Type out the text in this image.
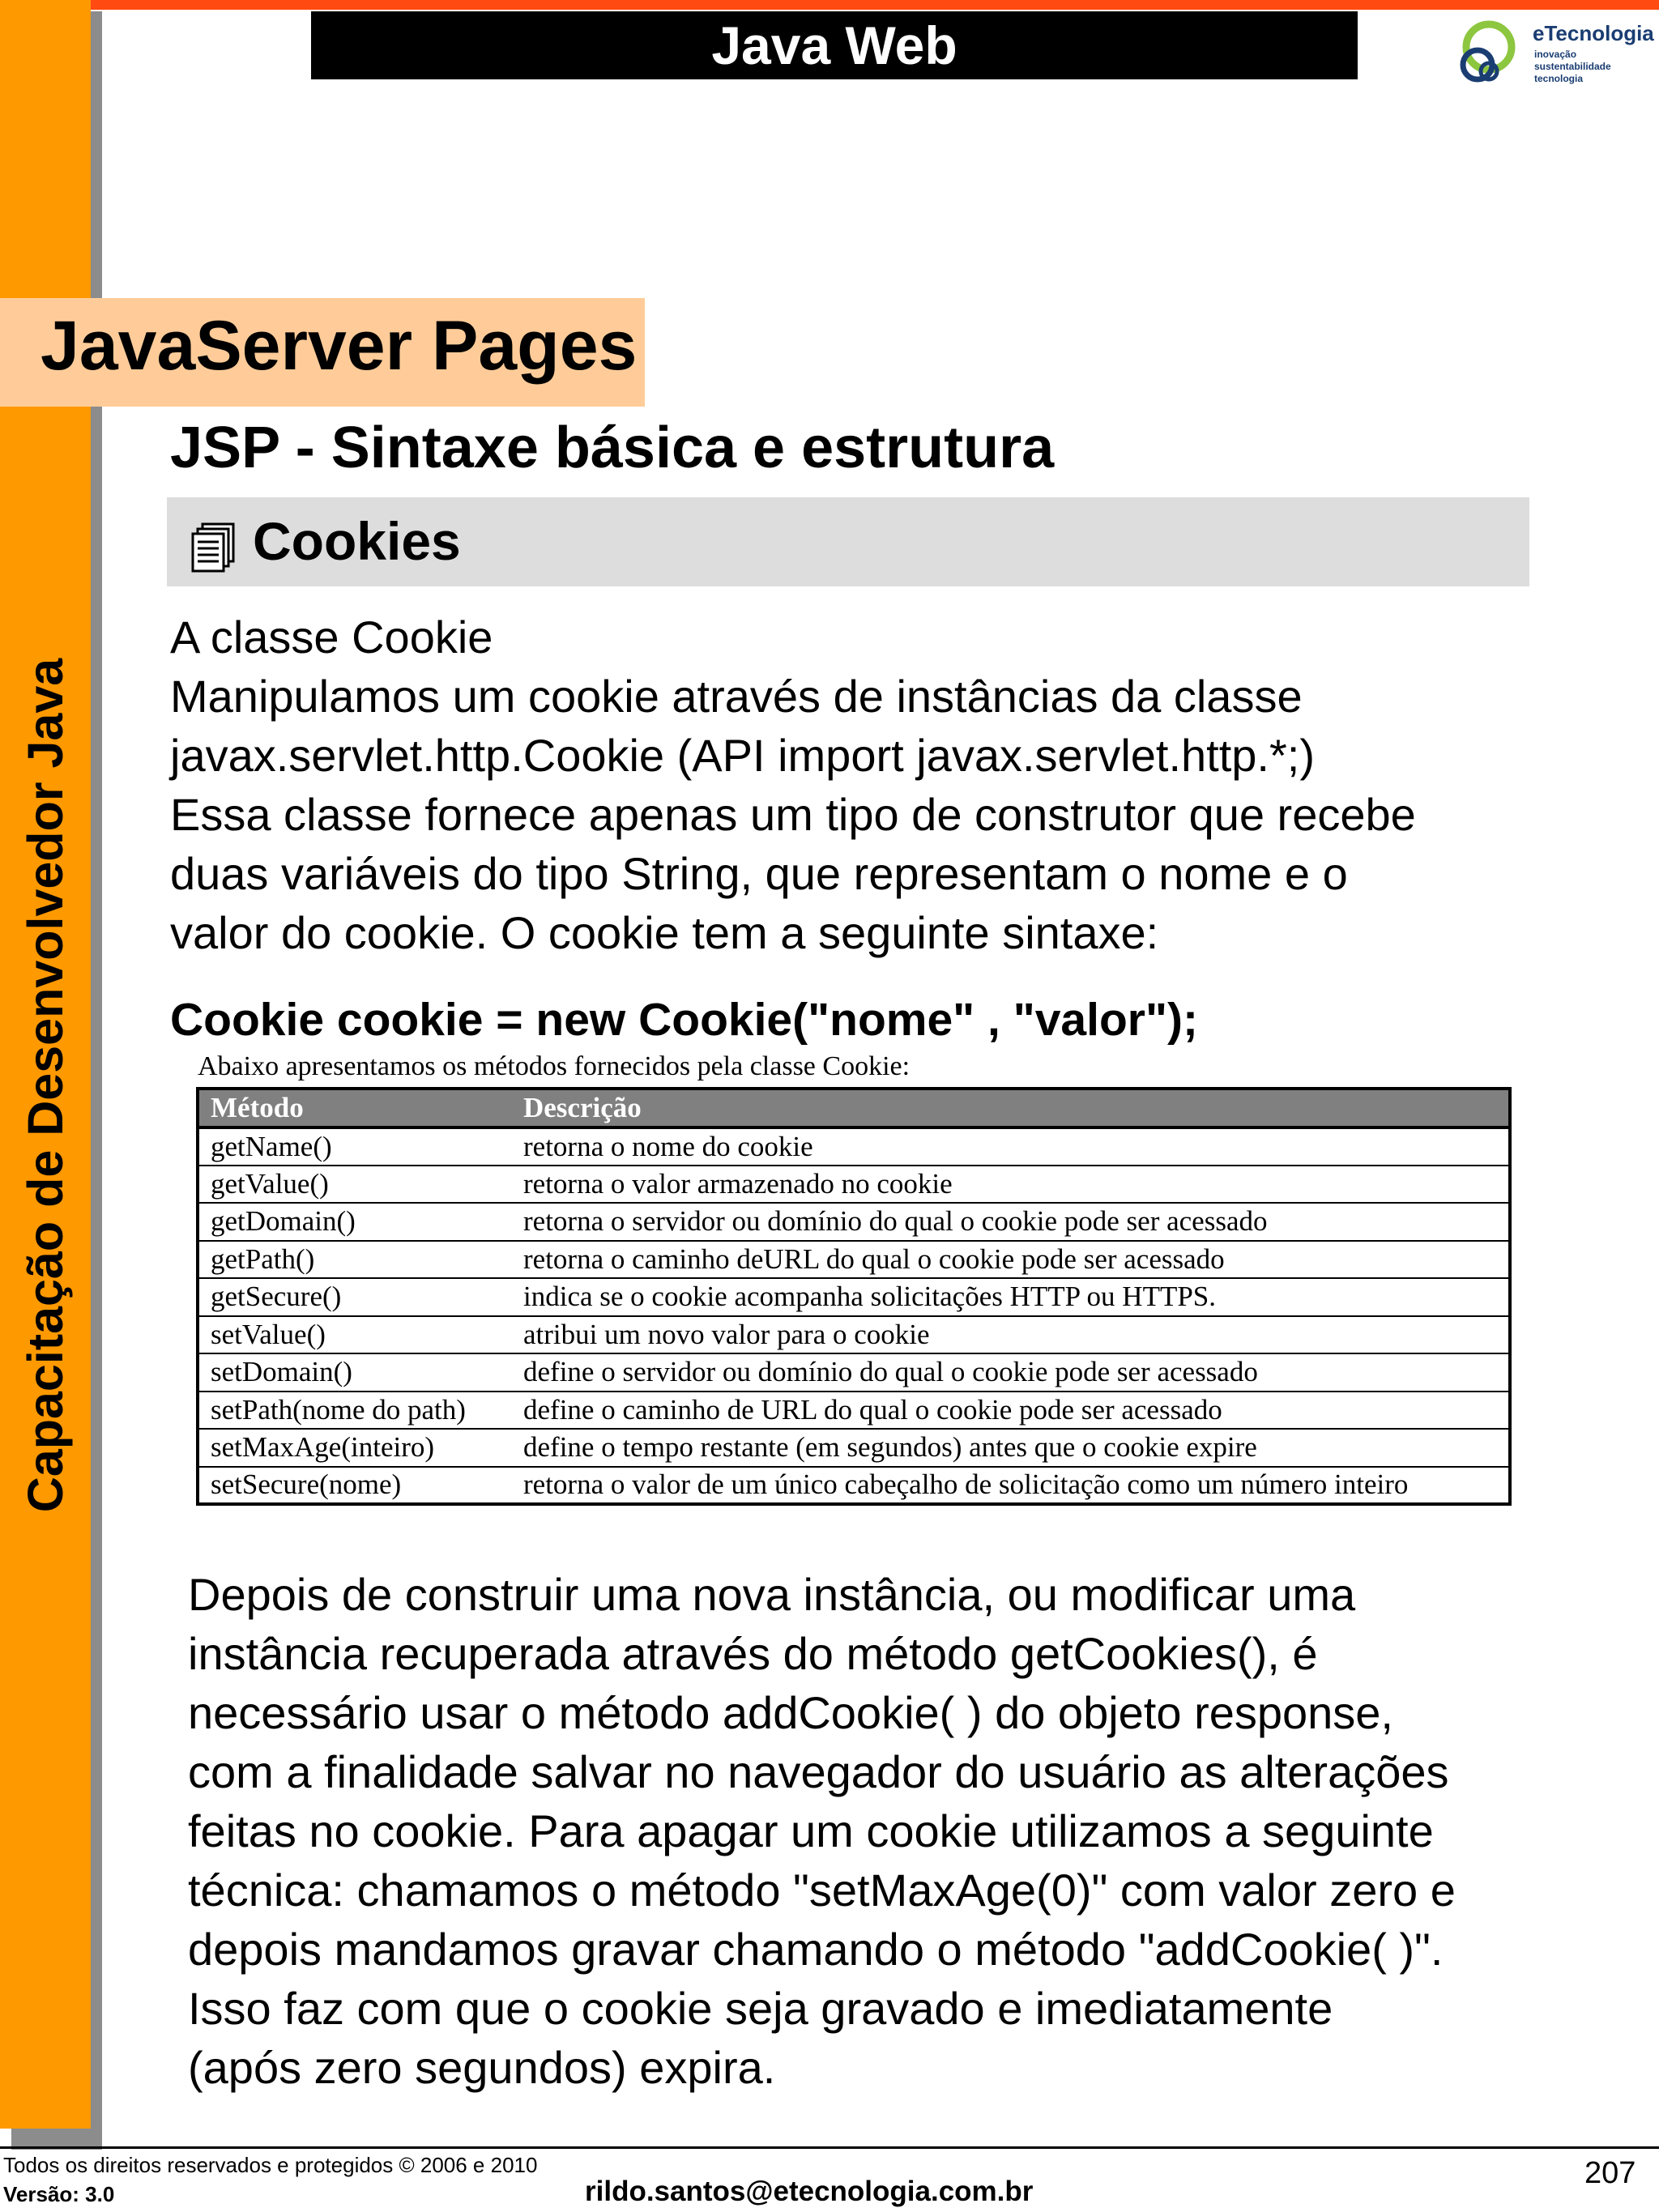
Java Web	eTecnologia
inovação
sustentabilidade
tecnologia
Capacitação de Desenvolvedor Java
JavaServer Pages
JSP - Sintaxe básica e estrutura
Cookies
A classe Cookie
Manipulamos um cookie através de instâncias da classe
javax.servlet.http.Cookie (API import javax.servlet.http.*;)
Essa classe fornece apenas um tipo de construtor que recebe
duas variáveis do tipo String, que representam o nome e o
valor do cookie. O cookie tem a seguinte sintaxe:
Cookie cookie = new Cookie("nome" , "valor");
Abaixo apresentamos os métodos fornecidos pela classe Cookie:
Método	Descrição
getName()	retorna o nome do cookie
getValue()	retorna o valor armazenado no cookie
getDomain()	retorna o servidor ou domínio do qual o cookie pode ser acessado
getPath()	retorna o caminho deURL do qual o cookie pode ser acessado
getSecure()	indica se o cookie acompanha solicitações HTTP ou HTTPS.
setValue()	atribui um novo valor para o cookie
setDomain()	define o servidor ou domínio do qual o cookie pode ser acessado
setPath(nome do path)	define o caminho de URL do qual o cookie pode ser acessado
setMaxAge(inteiro)	define o tempo restante (em segundos) antes que o cookie expire
setSecure(nome)	retorna o valor de um único cabeçalho de solicitação como um número inteiro
Depois de construir uma nova instância, ou modificar uma
instância recuperada através do método getCookies(), é
necessário usar o método addCookie( ) do objeto response,
com a finalidade salvar no navegador do usuário as alterações
feitas no cookie. Para apagar um cookie utilizamos a seguinte
técnica: chamamos o método "setMaxAge(0)" com valor zero e
depois mandamos gravar chamando o método "addCookie( )".
Isso faz com que o cookie seja gravado e imediatamente
(após zero segundos) expira.
Todos os direitos reservados e protegidos © 2006 e 2010
Versão: 3.0	rildo.santos@etecnologia.com.br
207
